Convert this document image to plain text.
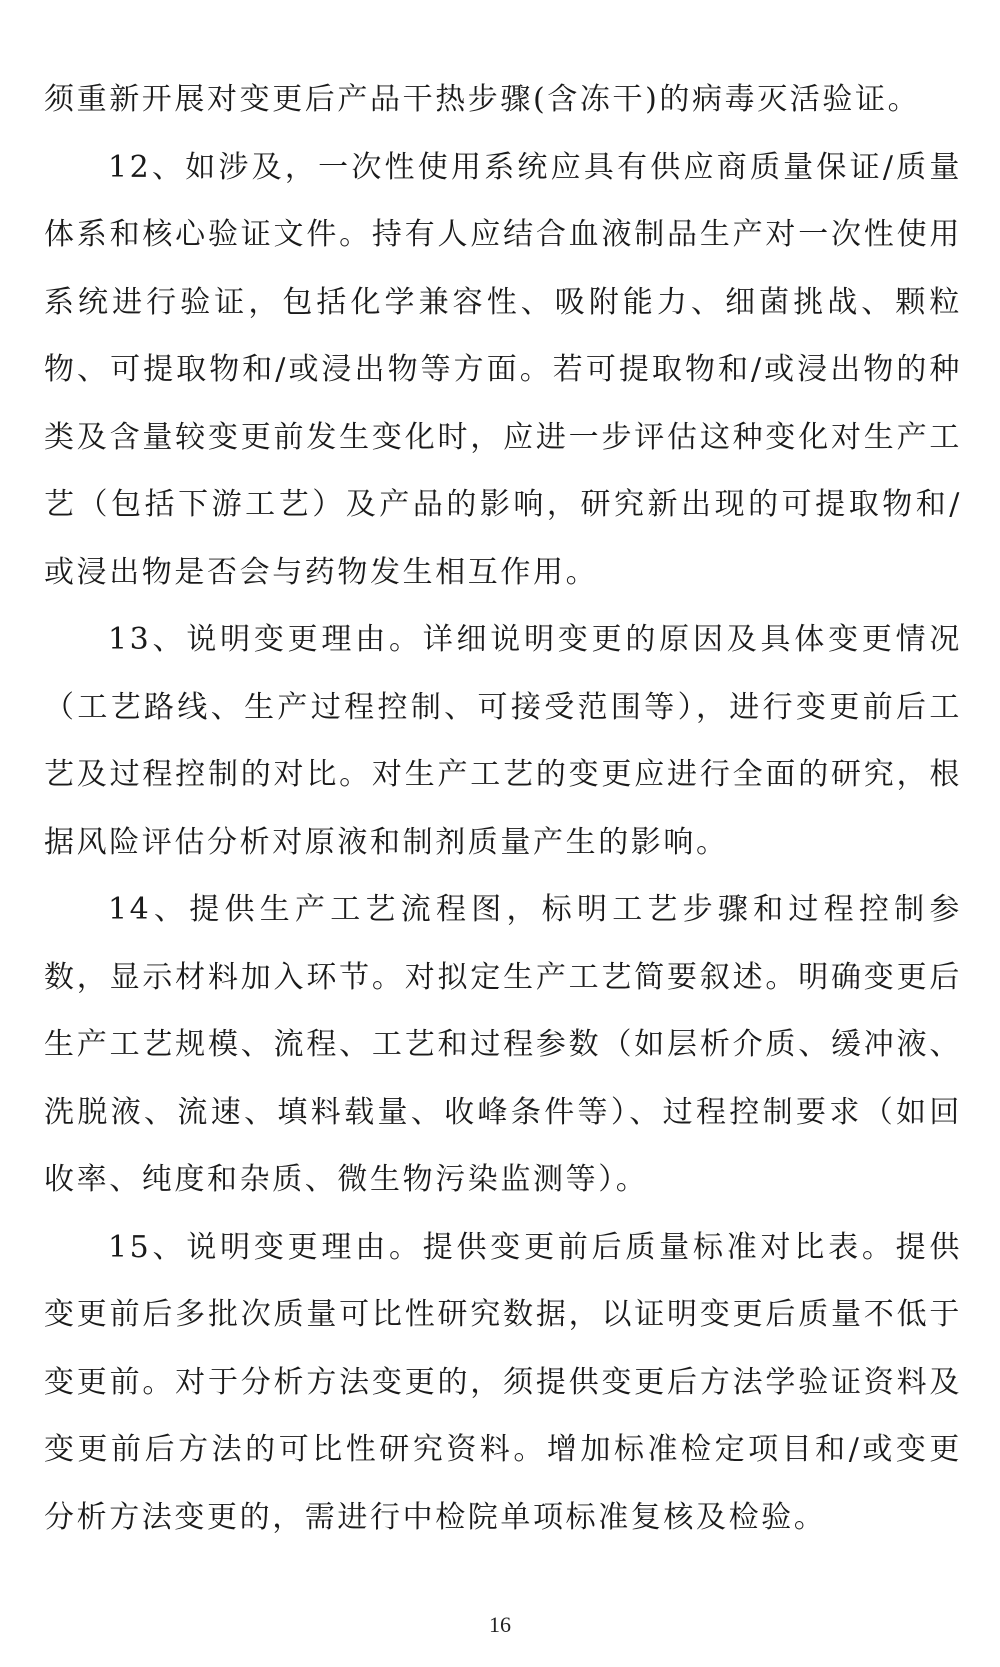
须重新开展对变更后产品干热步骤(含冻干)的病毒灭活验证。

12、如涉及，一次性使用系统应具有供应商质量保证/质量体系和核心验证文件。持有人应结合血液制品生产对一次性使用系统进行验证，包括化学兼容性、吸附能力、细菌挑战、颗粒物、可提取物和/或浸出物等方面。若可提取物和/或浸出物的种类及含量较变更前发生变化时，应进一步评估这种变化对生产工艺（包括下游工艺）及产品的影响，研究新出现的可提取物和/或浸出物是否会与药物发生相互作用。

13、说明变更理由。详细说明变更的原因及具体变更情况（工艺路线、生产过程控制、可接受范围等），进行变更前后工艺及过程控制的对比。对生产工艺的变更应进行全面的研究，根据风险评估分析对原液和制剂质量产生的影响。

14、提供生产工艺流程图，标明工艺步骤和过程控制参数，显示材料加入环节。对拟定生产工艺简要叙述。明确变更后生产工艺规模、流程、工艺和过程参数（如层析介质、缓冲液、洗脱液、流速、填料载量、收峰条件等）、过程控制要求（如回收率、纯度和杂质、微生物污染监测等）。

15、说明变更理由。提供变更前后质量标准对比表。提供变更前后多批次质量可比性研究数据，以证明变更后质量不低于变更前。对于分析方法变更的，须提供变更后方法学验证资料及变更前后方法的可比性研究资料。增加标准检定项目和/或变更分析方法变更的，需进行中检院单项标准复核及检验。

16
